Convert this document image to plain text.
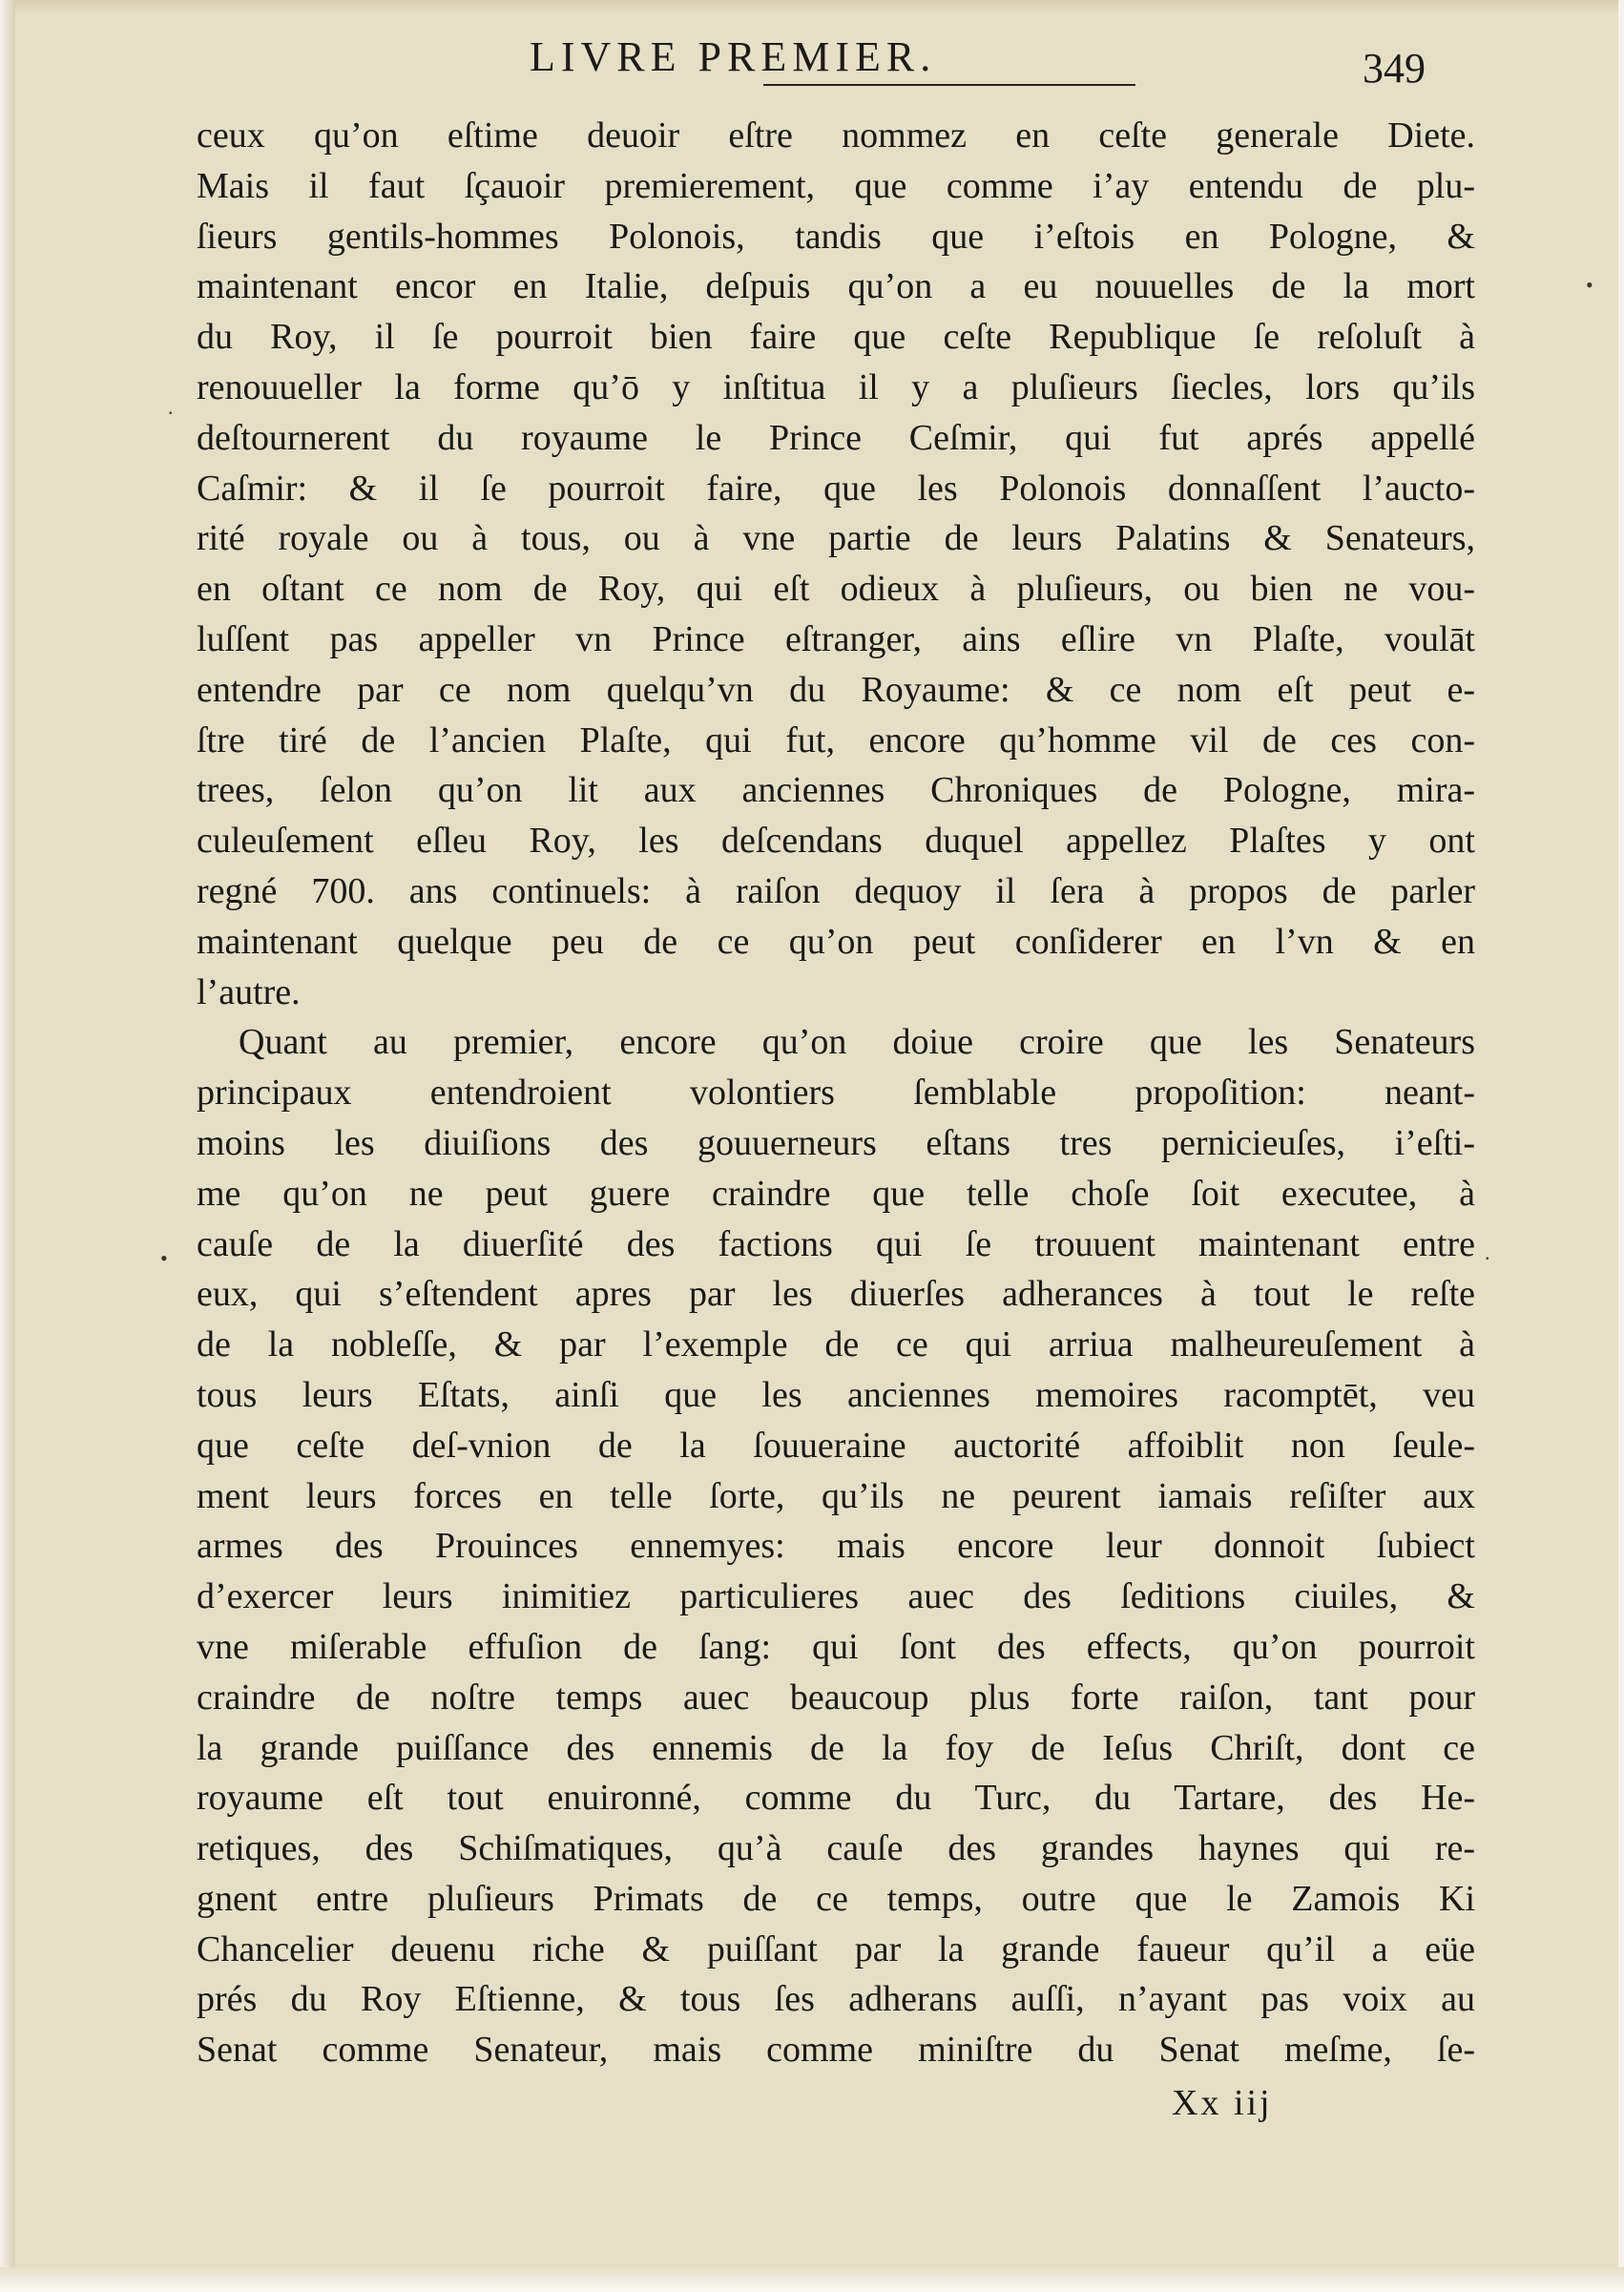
LIVRE PREMIER.	349
ceux qu’on eſtime deuoir eſtre nommez en ceſte generale Diete.
Mais il faut ſçauoir premierement, que comme i’ay entendu de plu-
ſieurs gentils-hommes Polonois, tandis que i’eſtois en Pologne, &
maintenant encor en Italie, deſpuis qu’on a eu nouuelles de la mort
du Roy, il ſe pourroit bien faire que ceſte Republique ſe reſoluſt à
renouueller la forme qu’ō y inſtitua il y a pluſieurs ſiecles, lors qu’ils
deſtournerent du royaume le Prince Ceſmir, qui fut aprés appellé
Caſmir: & il ſe pourroit faire, que les Polonois donnaſſent l’aucto-
rité royale ou à tous, ou à vne partie de leurs Palatins & Senateurs,
en oſtant ce nom de Roy, qui eſt odieux à pluſieurs, ou bien ne vou-
luſſent pas appeller vn Prince eſtranger, ains eſlire vn Plaſte, voulāt
entendre par ce nom quelqu’vn du Royaume: & ce nom eſt peut e-
ſtre tiré de l’ancien Plaſte, qui fut, encore qu’homme vil de ces con-
trees, ſelon qu’on lit aux anciennes Chroniques de Pologne, mira-
culeuſement eſleu Roy, les deſcendans duquel appellez Plaſtes y ont
regné 700. ans continuels: à raiſon dequoy il ſera à propos de parler
maintenant quelque peu de ce qu’on peut conſiderer en l’vn & en
l’autre.
Quant au premier, encore qu’on doiue croire que les Senateurs
principaux entendroient volontiers ſemblable propoſition: neant-
moins les diuiſions des gouuerneurs eſtans tres pernicieuſes, i’eſti-
me qu’on ne peut guere craindre que telle choſe ſoit executee, à
cauſe de la diuerſité des factions qui ſe trouuent maintenant entre
eux, qui s’eſtendent apres par les diuerſes adherances à tout le reſte
de la nobleſſe, & par l’exemple de ce qui arriua malheureuſement à
tous leurs Eſtats, ainſi que les anciennes memoires racomptēt, veu
que ceſte deſ-vnion de la ſouueraine auctorité affoiblit non ſeule-
ment leurs forces en telle ſorte, qu’ils ne peurent iamais reſiſter aux
armes des Prouinces ennemyes: mais encore leur donnoit ſubiect
d’exercer leurs inimitiez particulieres auec des ſeditions ciuiles, &
vne miſerable effuſion de ſang: qui ſont des effects, qu’on pourroit
craindre de noſtre temps auec beaucoup plus forte raiſon, tant pour
la grande puiſſance des ennemis de la foy de Ieſus Chriſt, dont ce
royaume eſt tout enuironné, comme du Turc, du Tartare, des He-
retiques, des Schiſmatiques, qu’à cauſe des grandes haynes qui re-
gnent entre pluſieurs Primats de ce temps, outre que le Zamois Ki
Chancelier deuenu riche & puiſſant par la grande faueur qu’il a eüe
prés du Roy Eſtienne, & tous ſes adherans auſſi, n’ayant pas voix au
Senat comme Senateur, mais comme miniſtre du Senat meſme, ſe-
Xx iij
•
.
.
•
